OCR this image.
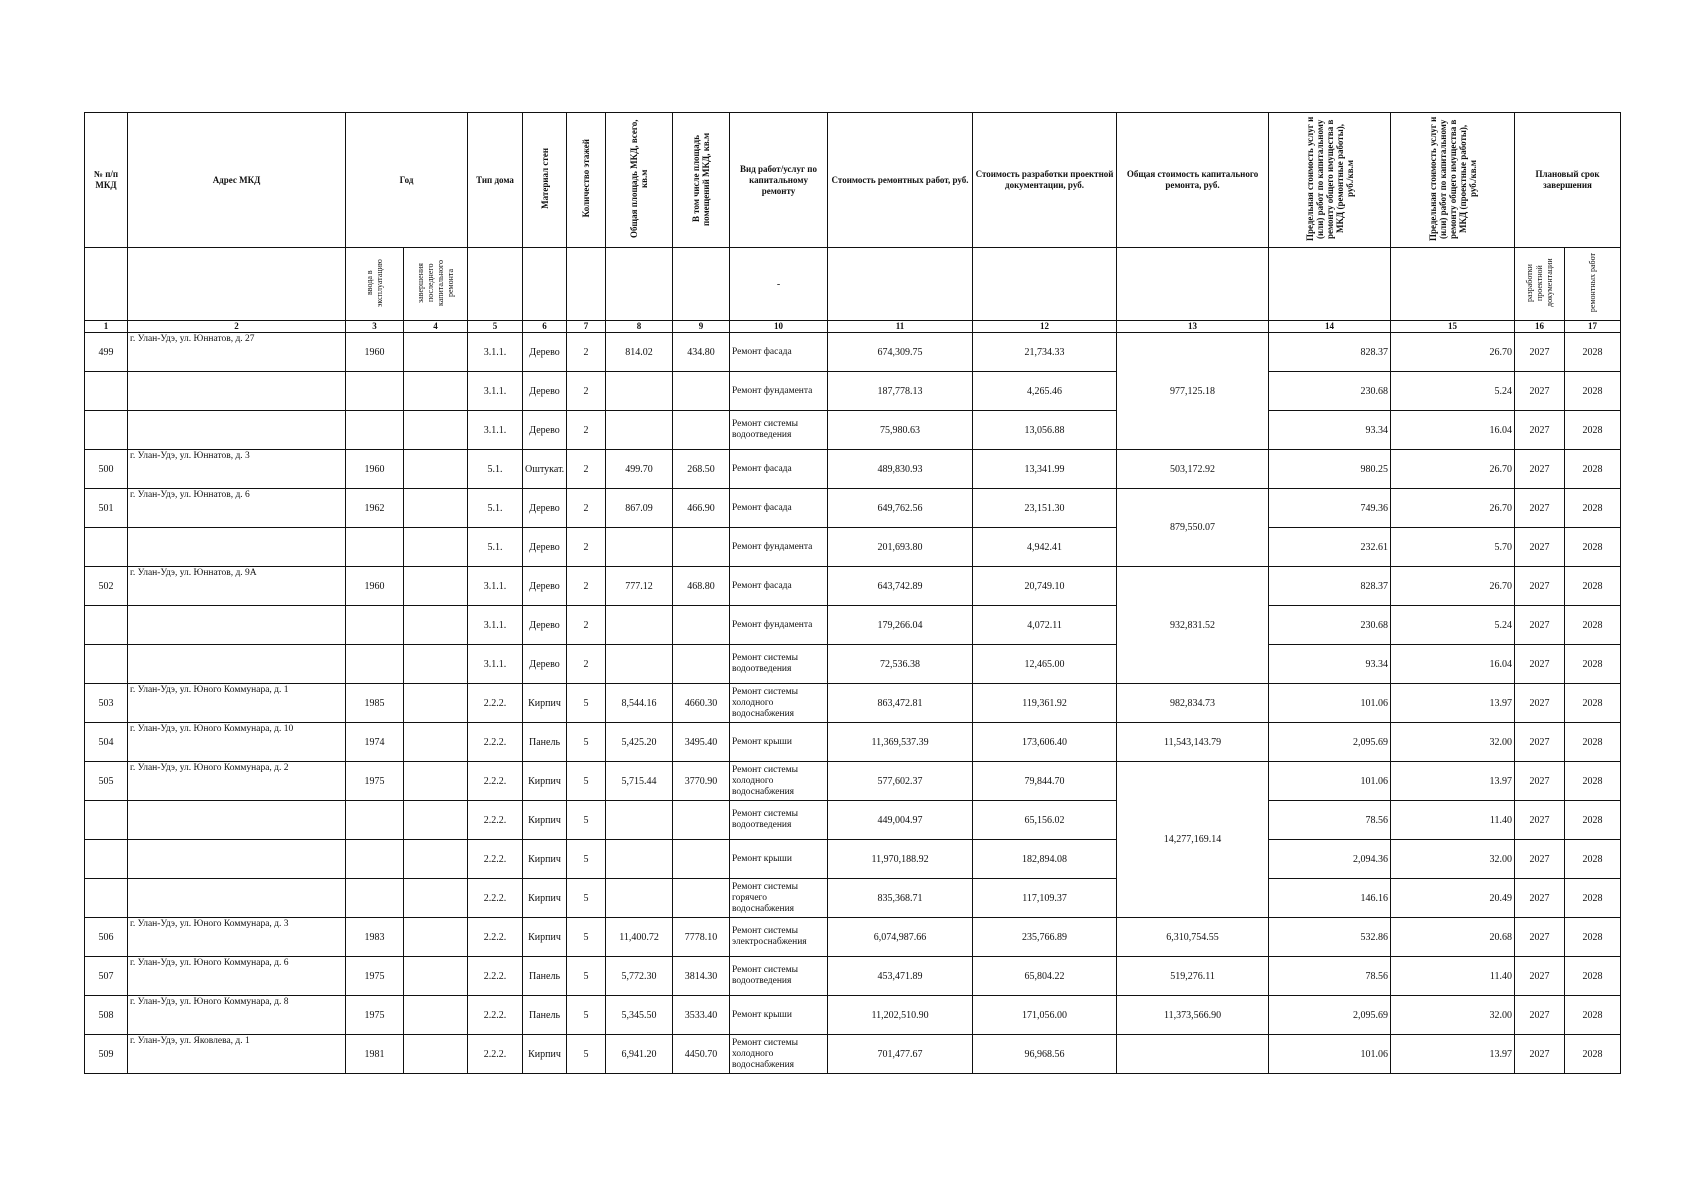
№ п/п МКД	Адрес МКД	Год		Тип дома	Материал стен	Количество этажей	Общая площадь МКД, всего, кв.м	В том числе площадь помещений МКД, кв.м	Вид работ/услуг по капитальному ремонту	Стоимость ремонтных работ, руб.	Стоимость разработки проектной документации, руб.	Общая стоимость капитального ремонта, руб.	Предельная стоимость услуг и (или) работ по капитальному ремонту общего имущества в МКД (ремонтные работы), руб./кв.м	Предельная стоимость услуг и (или) работ по капитальному ремонту общего имущества в МКД (проектные работы), руб./кв.м	Плановый срок завершения	
		ввода в эксплуатацию	завершения последнего капитального ремонта						-						разработки проектной документации	ремонтных работ
1	2	3	4	5	6	7	8	9	10	11	12	13	14	15	16	17
499	г. Улан-Удэ, ул. Юннатов, д. 27	1960		3.1.1.	Дерево	2	814.02	434.80	Ремонт фасада	674,309.75	21,734.33	977,125.18	828.37	26.70	2027	2028
				3.1.1.	Дерево	2			Ремонт фундамента	187,778.13	4,265.46		230.68	5.24	2027	2028
				3.1.1.	Дерево	2			Ремонт системы водоотведения	75,980.63	13,056.88		93.34	16.04	2027	2028
500	г. Улан-Удэ, ул. Юннатов, д. 3	1960		5.1.	Оштукат.	2	499.70	268.50	Ремонт фасада	489,830.93	13,341.99	503,172.92	980.25	26.70	2027	2028
501	г. Улан-Удэ, ул. Юннатов, д. 6	1962		5.1.	Дерево	2	867.09	466.90	Ремонт фасада	649,762.56	23,151.30	879,550.07	749.36	26.70	2027	2028
				5.1.	Дерево	2			Ремонт фундамента	201,693.80	4,942.41		232.61	5.70	2027	2028
502	г. Улан-Удэ, ул. Юннатов, д. 9А	1960		3.1.1.	Дерево	2	777.12	468.80	Ремонт фасада	643,742.89	20,749.10	932,831.52	828.37	26.70	2027	2028
				3.1.1.	Дерево	2			Ремонт фундамента	179,266.04	4,072.11		230.68	5.24	2027	2028
				3.1.1.	Дерево	2			Ремонт системы водоотведения	72,536.38	12,465.00		93.34	16.04	2027	2028
503	г. Улан-Удэ, ул. Юного Коммунара, д. 1	1985		2.2.2.	Кирпич	5	8,544.16	4660.30	Ремонт системы холодного водоснабжения	863,472.81	119,361.92	982,834.73	101.06	13.97	2027	2028
504	г. Улан-Удэ, ул. Юного Коммунара, д. 10	1974		2.2.2.	Панель	5	5,425.20	3495.40	Ремонт крыши	11,369,537.39	173,606.40	11,543,143.79	2,095.69	32.00	2027	2028
505	г. Улан-Удэ, ул. Юного Коммунара, д. 2	1975		2.2.2.	Кирпич	5	5,715.44	3770.90	Ремонт системы холодного водоснабжения	577,602.37	79,844.70	14,277,169.14	101.06	13.97	2027	2028
				2.2.2.	Кирпич	5			Ремонт системы водоотведения	449,004.97	65,156.02		78.56	11.40	2027	2028
				2.2.2.	Кирпич	5			Ремонт крыши	11,970,188.92	182,894.08		2,094.36	32.00	2027	2028
				2.2.2.	Кирпич	5			Ремонт системы горячего водоснабжения	835,368.71	117,109.37		146.16	20.49	2027	2028
506	г. Улан-Удэ, ул. Юного Коммунара, д. 3	1983		2.2.2.	Кирпич	5	11,400.72	7778.10	Ремонт системы электроснабжения	6,074,987.66	235,766.89	6,310,754.55	532.86	20.68	2027	2028
507	г. Улан-Удэ, ул. Юного Коммунара, д. 6	1975		2.2.2.	Панель	5	5,772.30	3814.30	Ремонт системы водоотведения	453,471.89	65,804.22	519,276.11	78.56	11.40	2027	2028
508	г. Улан-Удэ, ул. Юного Коммунара, д. 8	1975		2.2.2.	Панель	5	5,345.50	3533.40	Ремонт крыши	11,202,510.90	171,056.00	11,373,566.90	2,095.69	32.00	2027	2028
509	г. Улан-Удэ, ул. Яковлева, д. 1	1981		2.2.2.	Кирпич	5	6,941.20	4450.70	Ремонт системы холодного водоснабжения	701,477.67	96,968.56		101.06	13.97	2027	2028
